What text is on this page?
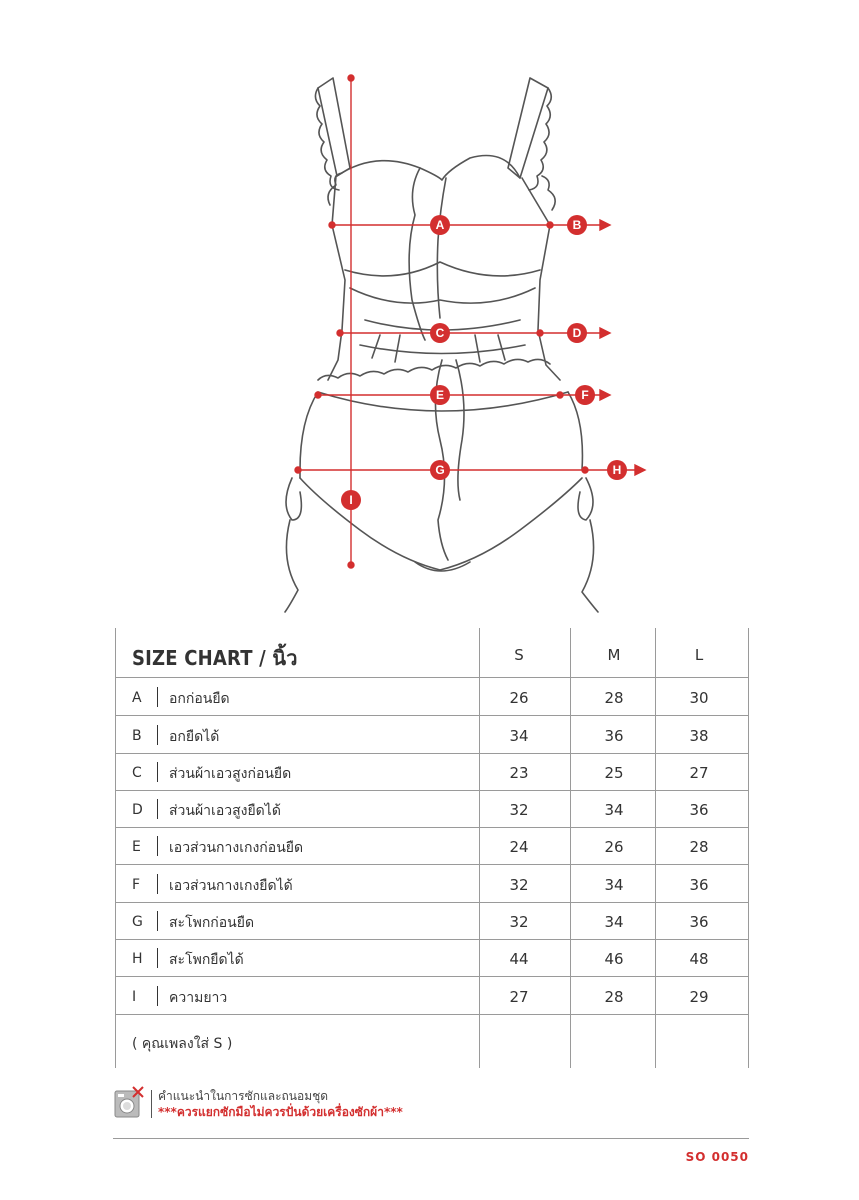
A	B
C	D
E	F
G	H
I
SIZE CHART / นิ้ว	S	M	L
A อกก่อนยืด	26	28	30
B อกยืดได้	34	36	38
C ส่วนผ้าเอวสูงก่อนยืด	23	25	27
D ส่วนผ้าเอวสูงยืดได้	32	34	36
E เอวส่วนกางเกงก่อนยืด	24	26	28
F เอวส่วนกางเกงยืดได้	32	34	36
G สะโพกก่อนยืด	32	34	36
H สะโพกยืดได้	44	46	48
I ความยาว	27	28	29
( คุณเพลงใส่ S )
คำแนะนำในการซักและถนอมชุด
***ควรแยกซักมือไม่ควรปั่นด้วยเครื่องซักผ้า***
SO 0050
